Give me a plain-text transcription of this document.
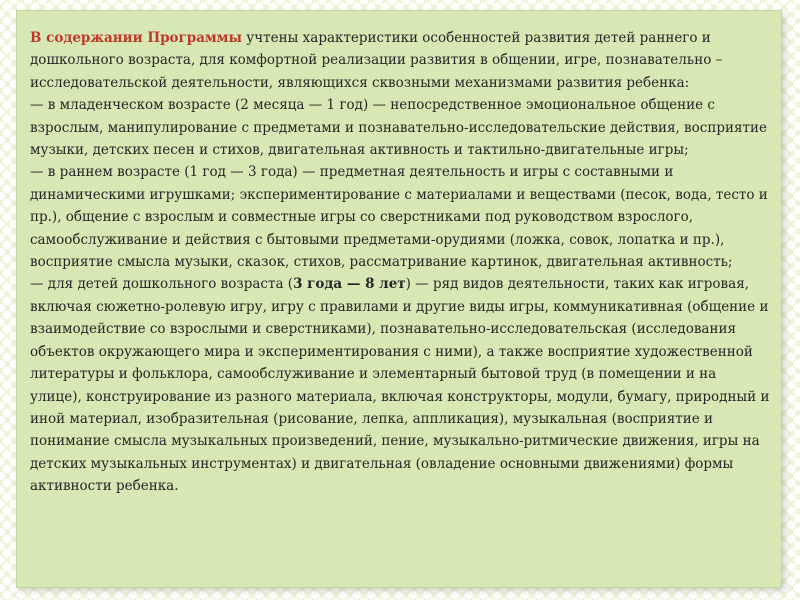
В содержании Программы учтены характеристики особенностей развития детей раннего и дошкольного возраста, для комфортной реализации развития в общении, игре, познавательно – исследовательской деятельности, являющихся сквозными механизмами развития ребенка:

— в младенческом возрасте (2 месяца — 1 год) — непосредственное эмоциональное общение с взрослым, манипулирование с предметами и познавательно-исследовательские действия, восприятие музыки, детских песен и стихов, двигательная активность и тактильно-двигательные игры;

— в раннем возрасте (1 год — 3 года) — предметная деятельность и игры с составными и динамическими игрушками; экспериментирование с материалами и веществами (песок, вода, тесто и пр.), общение с взрослым и совместные игры со сверстниками под руководством взрослого, самообслуживание и действия с бытовыми предметами-орудиями (ложка, совок, лопатка и пр.), восприятие смысла музыки, сказок, стихов, рассматривание картинок, двигательная активность;

— для детей дошкольного возраста (3 года — 8 лет) — ряд видов деятельности, таких как игровая, включая сюжетно-ролевую игру, игру с правилами и другие виды игры, коммуникативная (общение и взаимодействие со взрослыми и сверстниками), познавательно-исследовательская (исследования объектов окружающего мира и экспериментирования с ними), а также восприятие художественной литературы и фольклора, самообслуживание и элементарный бытовой труд (в помещении и на улице), конструирование из разного материала, включая конструкторы, модули, бумагу, природный и иной материал, изобразительная (рисование, лепка, аппликация), музыкальная (восприятие и понимание смысла музыкальных произведений, пение, музыкально-ритмические движения, игры на детских музыкальных инструментах) и двигательная (овладение основными движениями) формы активности ребенка.
